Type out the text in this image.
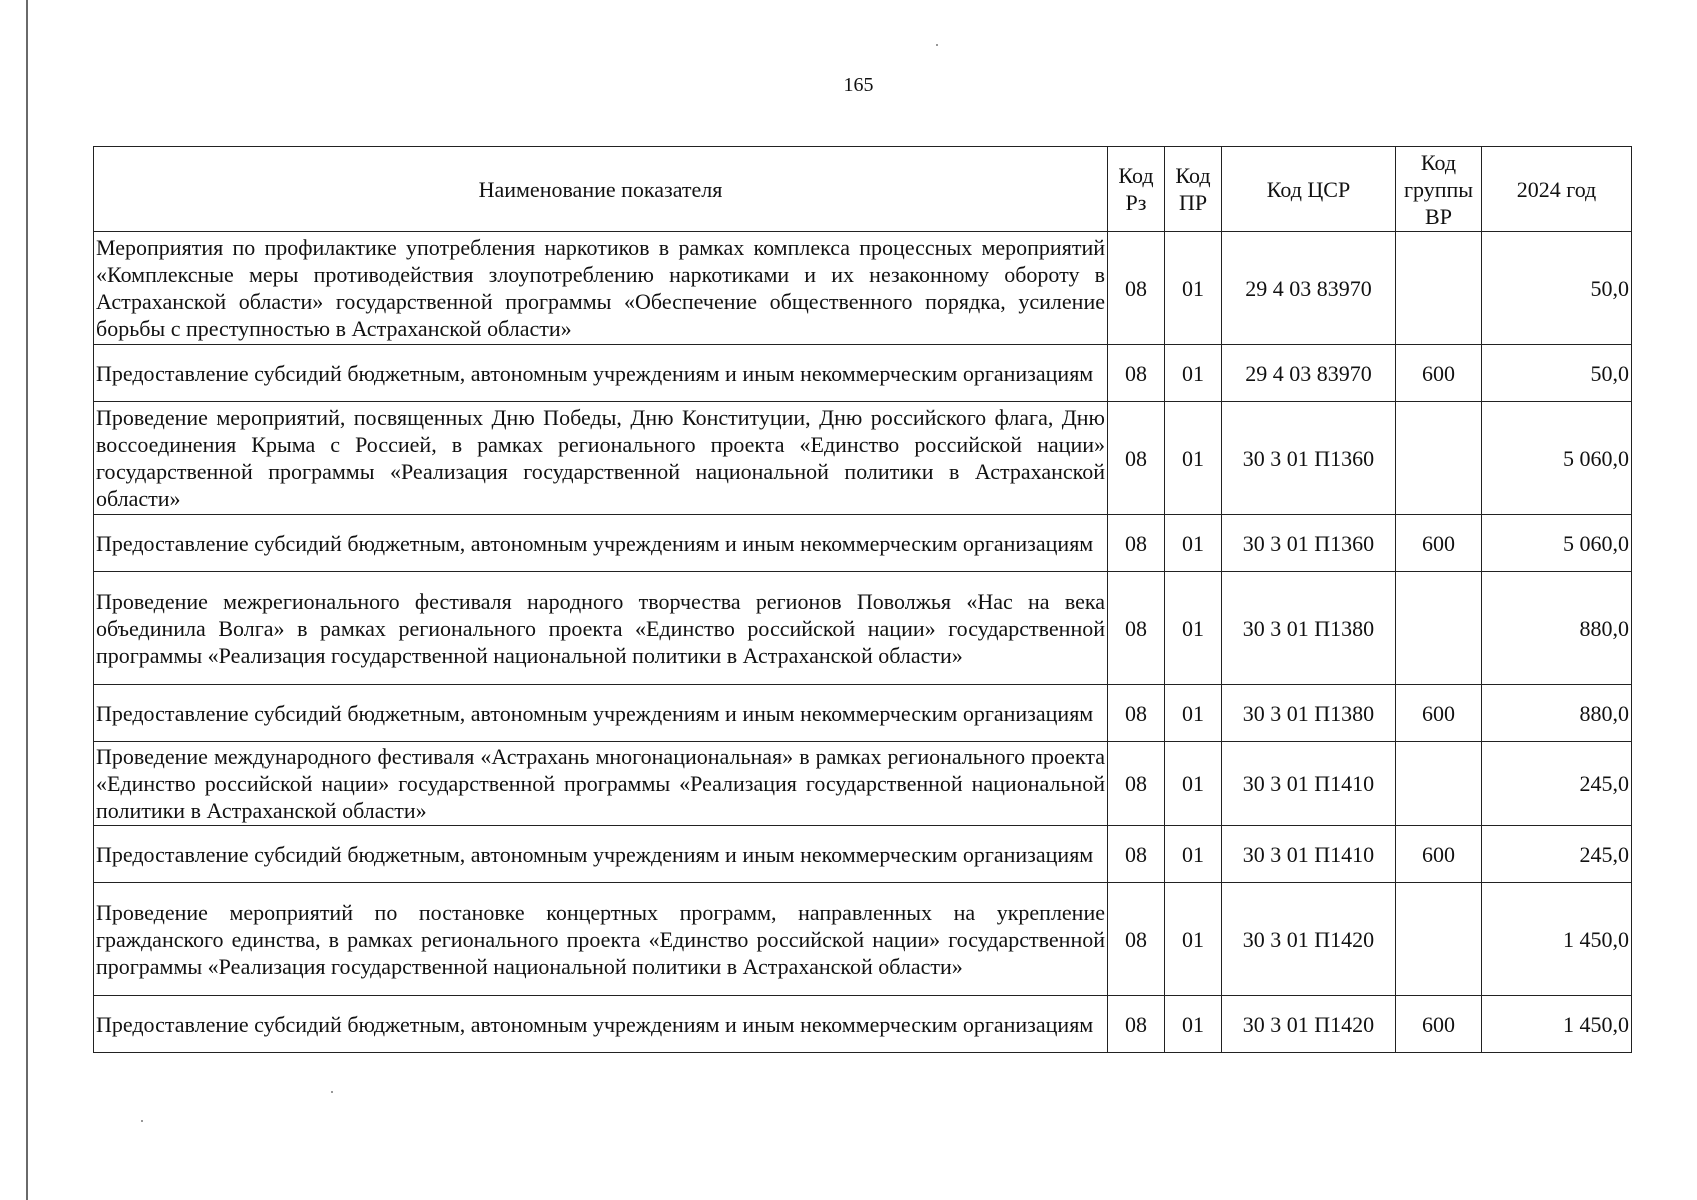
165
Наименование показателя	Код Рз	Код ПР	Код ЦСР	Код группы ВР	2024 год
Мероприятия по профилактике употребления наркотиков в рамках комплекса процессных мероприятий «Комплексные меры противодействия злоупотреблению наркотиками и их незаконному обороту в Астраханской области» государственной программы «Обеспечение общественного порядка, усиление борьбы с преступностью в Астраханской области»	08	01	29 4 03 83970		50,0
Предоставление субсидий бюджетным, автономным учреждениям и иным некоммерческим организациям	08	01	29 4 03 83970	600	50,0
Проведение мероприятий, посвященных Дню Победы, Дню Конституции, Дню российского флага, Дню воссоединения Крыма с Россией, в рамках регионального проекта «Единство российской нации» государственной программы «Реализация государственной национальной политики в Астраханской области»	08	01	30 3 01 П1360		5 060,0
Предоставление субсидий бюджетным, автономным учреждениям и иным некоммерческим организациям	08	01	30 3 01 П1360	600	5 060,0
Проведение межрегионального фестиваля народного творчества регионов Поволжья «Нас на века объединила Волга» в рамках регионального проекта «Единство российской нации» государственной программы «Реализация государственной национальной политики в Астраханской области»	08	01	30 3 01 П1380		880,0
Предоставление субсидий бюджетным, автономным учреждениям и иным некоммерческим организациям	08	01	30 3 01 П1380	600	880,0
Проведение международного фестиваля «Астрахань многонациональная» в рамках регионального проекта «Единство российской нации» государственной программы «Реализация государственной национальной политики в Астраханской области»	08	01	30 3 01 П1410		245,0
Предоставление субсидий бюджетным, автономным учреждениям и иным некоммерческим организациям	08	01	30 3 01 П1410	600	245,0
Проведение мероприятий по постановке концертных программ, направленных на укрепление гражданского единства, в рамках регионального проекта «Единство российской нации» государственной программы «Реализация государственной национальной политики в Астраханской области»	08	01	30 3 01 П1420		1 450,0
Предоставление субсидий бюджетным, автономным учреждениям и иным некоммерческим организациям	08	01	30 3 01 П1420	600	1 450,0
